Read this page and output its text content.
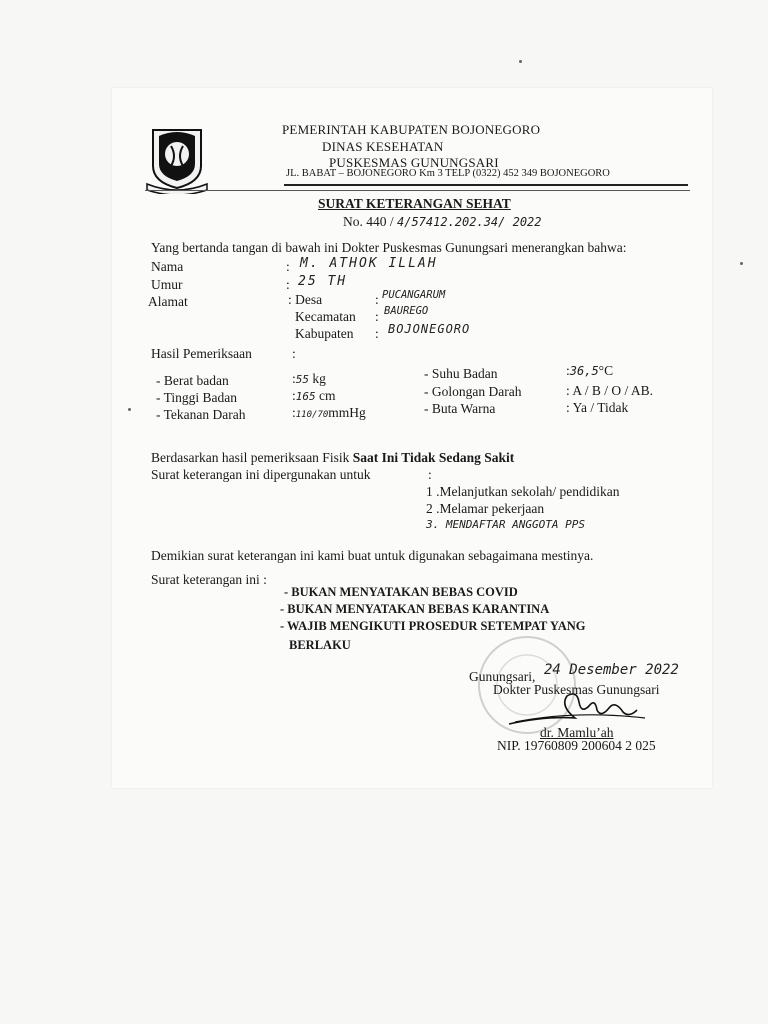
PEMERINTAH KABUPATEN BOJONEGORO
DINAS KESEHATAN
PUSKESMAS GUNUNGSARI
JL. BABAT – BOJONEGORO Km 3 TELP (0322) 452 349 BOJONEGORO
SURAT KETERANGAN SEHAT
No. 440 / 4/57412.202.34/ 2022
Yang bertanda tangan di bawah ini Dokter Puskesmas Gunungsari menerangkan bahwa:
Nama	: M. ATHOK ILLAH
Umur	: 25 TH
Alamat	: Desa	: PUCANGARUM
Kecamatan : BAUREGO
Kabupaten : BOJONEGORO
Hasil Pemeriksaan	:
- Berat badan	:55 kg
- Tinggi Badan	:165 cm
- Tekanan Darah	:110/70mmHg
- Suhu Badan	:36,5°C
- Golongan Darah	: A / B / O / AB.
- Buta Warna	: Ya / Tidak
Berdasarkan hasil pemeriksaan Fisik Saat Ini Tidak Sedang Sakit
Surat keterangan ini dipergunakan untuk	:
1 .Melanjutkan sekolah/ pendidikan
2 .Melamar pekerjaan
3. MENDAFTAR ANGGOTA PPS
Demikian surat keterangan ini kami buat untuk digunakan sebagaimana mestinya.
Surat keterangan ini :
- BUKAN MENYATAKAN BEBAS COVID
- BUKAN MENYATAKAN BEBAS KARANTINA
- WAJIB MENGIKUTI PROSEDUR SETEMPAT YANG
BERLAKU
Gunungsari, 24 Desember 2022
Dokter Puskesmas Gunungsari
dr. Mamlu’ah
NIP. 19760809 200604 2 025
